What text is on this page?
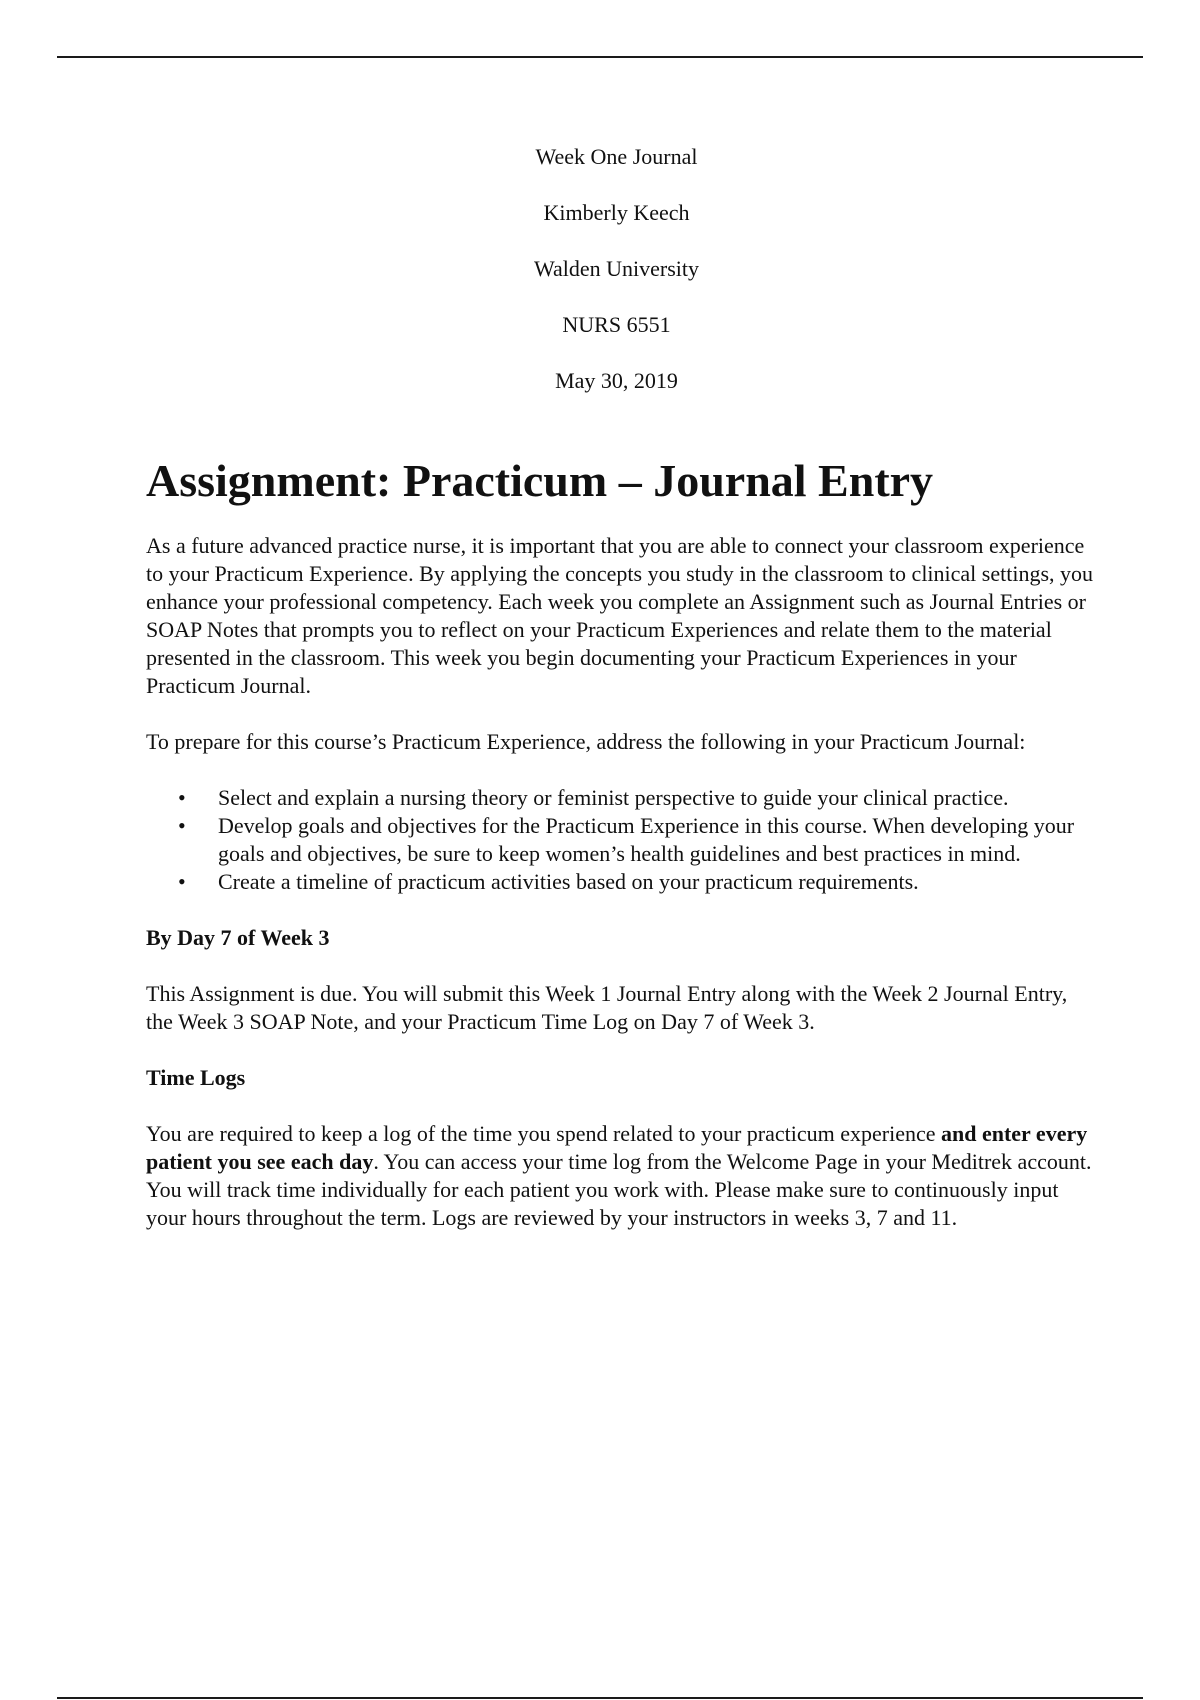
Week One Journal
Kimberly Keech
Walden University
NURS 6551
May 30, 2019
Assignment: Practicum – Journal Entry

As a future advanced practice nurse, it is important that you are able to connect your classroom experience to your Practicum Experience. By applying the concepts you study in the classroom to clinical settings, you enhance your professional competency. Each week you complete an Assignment such as Journal Entries or SOAP Notes that prompts you to reflect on your Practicum Experiences and relate them to the material presented in the classroom. This week you begin documenting your Practicum Experiences in your Practicum Journal.

To prepare for this course’s Practicum Experience, address the following in your Practicum Journal:

• Select and explain a nursing theory or feminist perspective to guide your clinical practice.
• Develop goals and objectives for the Practicum Experience in this course. When developing your goals and objectives, be sure to keep women’s health guidelines and best practices in mind.
• Create a timeline of practicum activities based on your practicum requirements.

By Day 7 of Week 3

This Assignment is due. You will submit this Week 1 Journal Entry along with the Week 2 Journal Entry, the Week 3 SOAP Note, and your Practicum Time Log on Day 7 of Week 3.

Time Logs

You are required to keep a log of the time you spend related to your practicum experience and enter every patient you see each day. You can access your time log from the Welcome Page in your Meditrek account. You will track time individually for each patient you work with. Please make sure to continuously input your hours throughout the term. Logs are reviewed by your instructors in weeks 3, 7 and 11.
